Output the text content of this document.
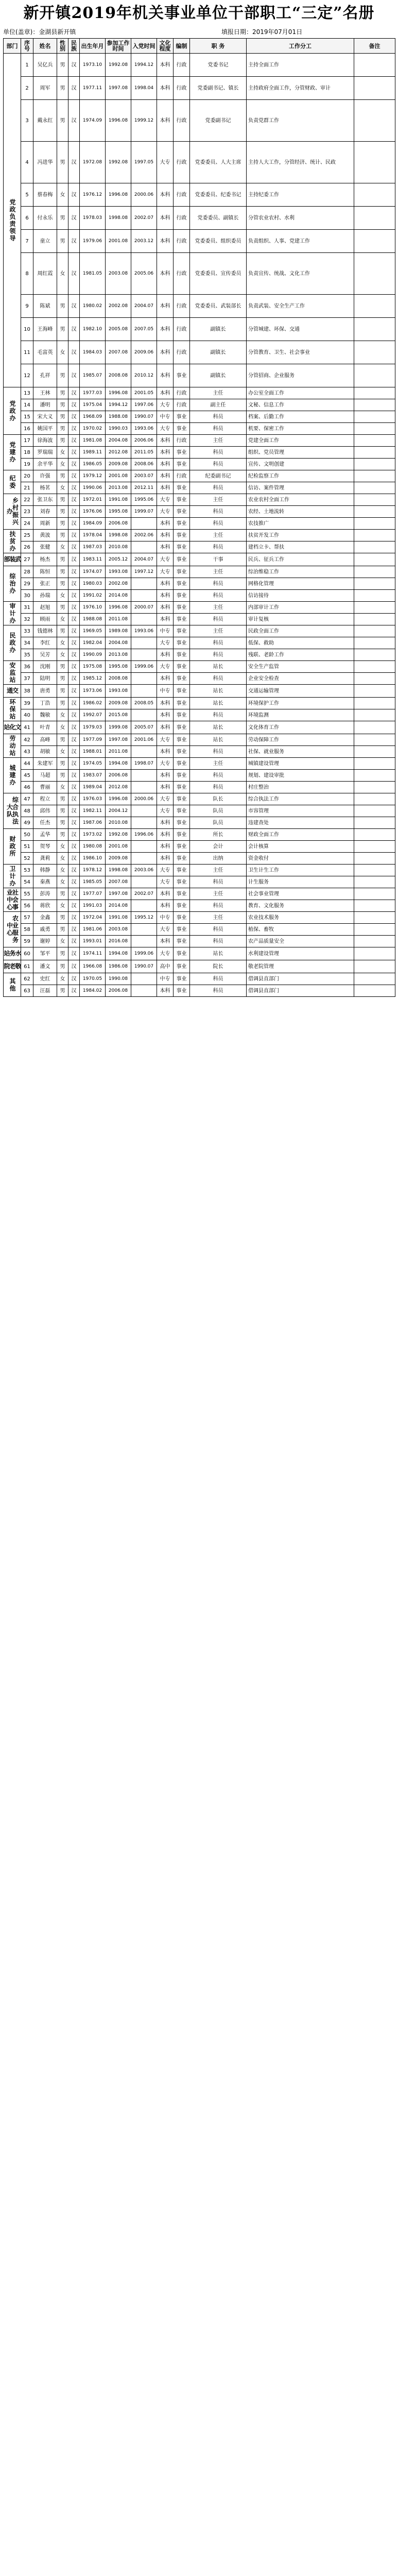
新开镇2019年机关事业单位干部职工“三定”名册
单位(盖章)：金湖县新开镇	填报日期：2019年07月01日
部门	序号	姓名	性别	民族	出生年月	参加工作时间	入党时间	文化程度	编制	职 务	工作分工	备注
党政负责领导	1	吴亿兵	男	汉	1973.10	1992.08	1994.12	本科	行政	党委书记	主持全面工作	
	2	周军	男	汉	1977.11	1997.08	1998.04	本科	行政	党委副书记、镇长	主持政府全面工作，分管财政、审计	
	3	戴永红	男	汉	1974.09	1996.08	1999.12	本科	行政	党委副书记	负责党群工作	
	4	冯进华	男	汉	1972.08	1992.08	1997.05	大专	行政	党委委员、人大主席	主持人大工作，分管经济、统计、民政	
	5	蔡春梅	女	汉	1976.12	1996.08	2000.06	本科	行政	党委委员、纪委书记	主持纪委工作	
	6	付永乐	男	汉	1978.03	1998.08	2002.07	本科	行政	党委委员、副镇长	分管农业农村、水利	
	7	童立	男	汉	1979.06	2001.08	2003.12	本科	行政	党委委员、组织委员	负责组织、人事、党建工作	
	8	周红霞	女	汉	1981.05	2003.08	2005.06	本科	行政	党委委员、宣传委员	负责宣传、统战、文化工作	
	9	陈斌	男	汉	1980.02	2002.08	2004.07	本科	行政	党委委员、武装部长	负责武装、安全生产工作	
	10	王海峰	男	汉	1982.10	2005.08	2007.05	本科	行政	副镇长	分管城建、环保、交通	
	11	毛富英	女	汉	1984.03	2007.08	2009.06	本科	行政	副镇长	分管教育、卫生、社会事业	
	12	孔祥	男	汉	1985.07	2008.08	2010.12	本科	事业	副镇长	分管招商、企业服务	
党政办	13	王林	男	汉	1977.03	1996.08	2001.05	本科	行政	主任	办公室全面工作	
	14	潘明	男	汉	1975.04	1994.12	1997.06	大专	行政	副主任	文秘、信息工作	
	15	宋大义	男	汉	1968.09	1988.08	1990.07	中专	事业	科员	档案、后勤工作	
	16	姚国平	男	汉	1970.02	1990.03	1993.06	大专	事业	科员	机要、保密工作	
党建办	17	徐海波	男	汉	1981.08	2004.08	2006.06	本科	行政	主任	党建全面工作	
	18	罗瑞瑞	女	汉	1989.11	2012.08	2011.05	本科	事业	科员	组织、党员管理	
	19	余平华	女	汉	1986.05	2009.08	2008.06	本科	事业	科员	宣传、文明创建	
纪委	20	许强	男	汉	1979.12	2001.08	2003.07	本科	行政	纪委副书记	纪检监察工作	
	21	杨茗	女	汉	1990.06	2013.08	2012.11	本科	事业	科员	信访、案件管理	
乡村振兴办	22	张卫东	男	汉	1972.01	1991.08	1995.06	大专	事业	主任	农业农村全面工作	
	23	刘春	男	汉	1976.06	1995.08	1999.07	大专	事业	科员	农经、土地流转	
	24	周新	男	汉	1984.09	2006.08		本科	事业	科员	农技推广	
扶贫办	25	黄波	男	汉	1978.04	1998.08	2002.06	本科	事业	主任	扶贫开发工作	
	26	张健	女	汉	1987.03	2010.08		本科	事业	科员	建档立卡、帮扶	
武装部	27	杨杰	男	汉	1983.11	2005.12	2004.07	大专	事业	干事	民兵、征兵工作	
综治办	28	陈恒	男	汉	1974.07	1993.08	1997.12	大专	事业	主任	综治维稳工作	
	29	张正	男	汉	1980.03	2002.08		本科	事业	科员	网格化管理	
	30	孙瑞	女	汉	1991.02	2014.08		本科	事业	科员	信访接待	
审计办	31	赵旭	男	汉	1976.10	1996.08	2000.07	本科	事业	主任	内部审计工作	
	32	顾雨	女	汉	1988.08	2011.08		本科	事业	科员	审计复核	
民政办	33	钱德林	男	汉	1969.05	1989.08	1993.06	中专	事业	主任	民政全面工作	
	34	李红	女	汉	1982.04	2004.08		大专	事业	科员	低保、救助	
	35	吴芳	女	汉	1990.09	2013.08		本科	事业	科员	残联、老龄工作	
安监站	36	沈刚	男	汉	1975.08	1995.08	1999.06	大专	事业	站长	安全生产监管	
	37	陆明	男	汉	1985.12	2008.08		本科	事业	科员	企业安全检查	
交通	38	唐勇	男	汉	1973.06	1993.08		中专	事业	站长	交通运输管理	
环保站	39	丁浩	男	汉	1986.02	2009.08	2008.05	本科	事业	站长	环境保护工作	
	40	魏敏	女	汉	1992.07	2015.08		本科	事业	科员	环境监测	
文化站	41	叶青	女	汉	1979.03	1999.08	2005.07	本科	事业	站长	文化体育工作	
劳动站	42	高峰	男	汉	1977.09	1997.08	2001.06	大专	事业	站长	劳动保障工作	
	43	胡敏	女	汉	1988.01	2011.08		本科	事业	科员	社保、就业服务	
城建办	44	朱建军	男	汉	1974.05	1994.08	1998.07	大专	事业	主任	城镇建设管理	
	45	马超	男	汉	1983.07	2006.08		本科	事业	科员	规划、建设审批	
	46	曹丽	女	汉	1989.04	2012.08		本科	事业	科员	村庄整治	
综合执法大队	47	程立	男	汉	1976.03	1996.08	2000.06	大专	事业	队长	综合执法工作	
	48	邱伟	男	汉	1982.11	2004.12		大专	事业	队员	市容管理	
	49	任杰	男	汉	1987.06	2010.08		本科	事业	队员	违建查处	
财政所	50	孟华	男	汉	1973.02	1992.08	1996.06	本科	事业	所长	财政全面工作	
	51	贺琴	女	汉	1980.08	2001.08		本科	事业	会计	会计核算	
	52	龚莉	女	汉	1986.10	2009.08		本科	事业	出纳	资金收付	
卫计办	53	韩静	女	汉	1978.12	1998.08	2003.06	大专	事业	主任	卫生计生工作	
	54	秦燕	女	汉	1985.05	2007.08		大专	事业	科员	计生服务	
社会事业中心	55	彭涛	男	汉	1977.07	1997.08	2002.07	本科	事业	主任	社会事业管理	
	56	蒋欣	女	汉	1991.03	2014.08		本科	事业	科员	教育、文化服务	
农业服务中心	57	金鑫	男	汉	1972.04	1991.08	1995.12	中专	事业	主任	农业技术服务	
	58	戚勇	男	汉	1981.06	2003.08		大专	事业	科员	植保、畜牧	
	59	谢婷	女	汉	1993.01	2016.08		本科	事业	科员	农产品质量安全	
水务站	60	邹平	男	汉	1974.11	1994.08	1999.06	大专	事业	站长	水利建设管理	
敬老院	61	潘文	男	汉	1966.08	1986.08	1990.07	高中	事业	院长	敬老院管理	
其他	62	史红	女	汉	1970.05	1990.08		中专	事业	科员	借调县直部门	
	63	汪磊	男	汉	1984.02	2006.08		本科	事业	科员	借调县直部门	
